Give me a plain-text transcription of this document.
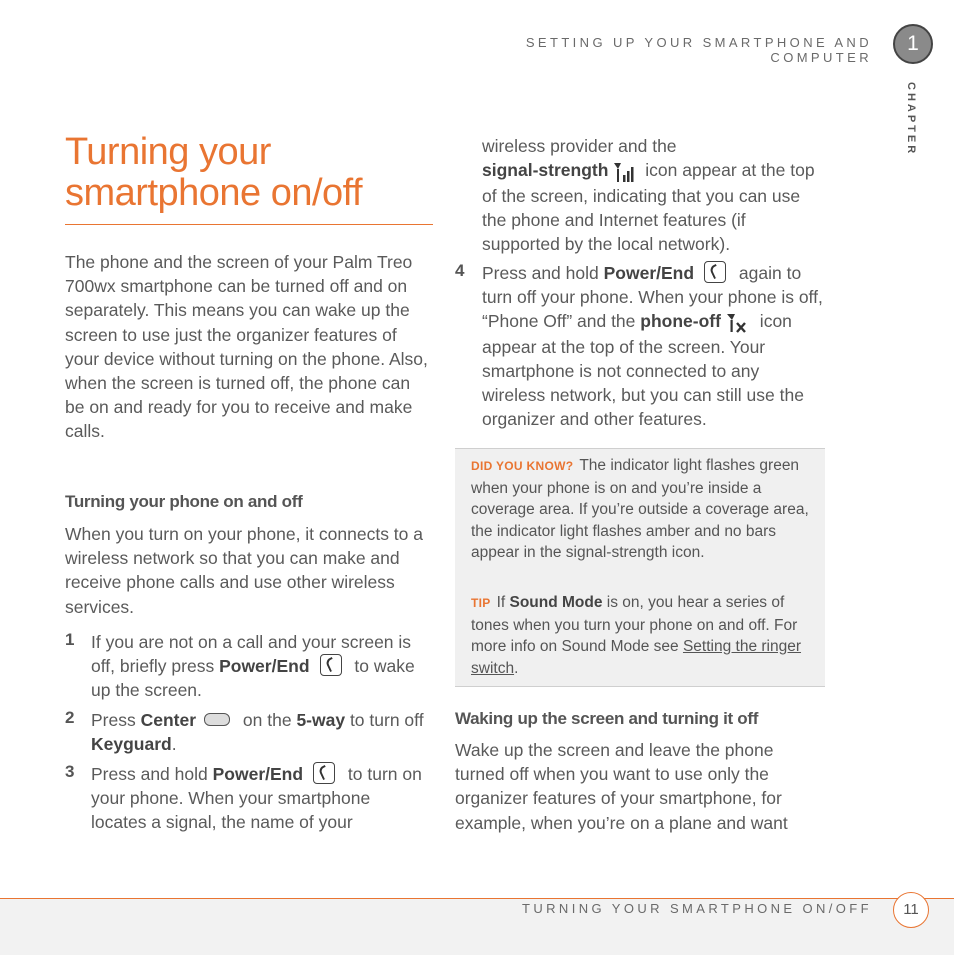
SETTING UP YOUR SMARTPHONE AND COMPUTER
1
CHAPTER
Turning your
smartphone on/off

The phone and the screen of your Palm Treo 700wx smartphone can be turned off and on separately. This means you can wake up the screen to use just the organizer features of your device without turning on the phone. Also, when the screen is turned off, the phone can be on and ready for you to receive and make calls.

Turning your phone on and off

When you turn on your phone, it connects to a wireless network so that you can make and receive phone calls and use other wireless services.

1 If you are not on a call and your screen is off, briefly press Power/End to wake up the screen.

2 Press Center on the 5-way to turn off Keyguard.

3 Press and hold Power/End to turn on your phone. When your smartphone locates a signal, the name of your

wireless provider and the
signal-strength icon appear at the top of the screen, indicating that you can use the phone and Internet features (if supported by the local network).

4 Press and hold Power/End again to turn off your phone. When your phone is off, “Phone Off” and the phone-off icon appear at the top of the screen. Your smartphone is not connected to any wireless network, but you can still use the organizer and other features.

DID YOU KNOW? The indicator light flashes green when your phone is on and you’re inside a coverage area. If you’re outside a coverage area, the indicator light flashes amber and no bars appear in the signal-strength icon.

TIP If Sound Mode is on, you hear a series of tones when you turn your phone on and off. For more info on Sound Mode see Setting the ringer switch.

Waking up the screen and turning it off

Wake up the screen and leave the phone turned off when you want to use only the organizer features of your smartphone, for example, when you’re on a plane and want

TURNING YOUR SMARTPHONE ON/OFF	11
